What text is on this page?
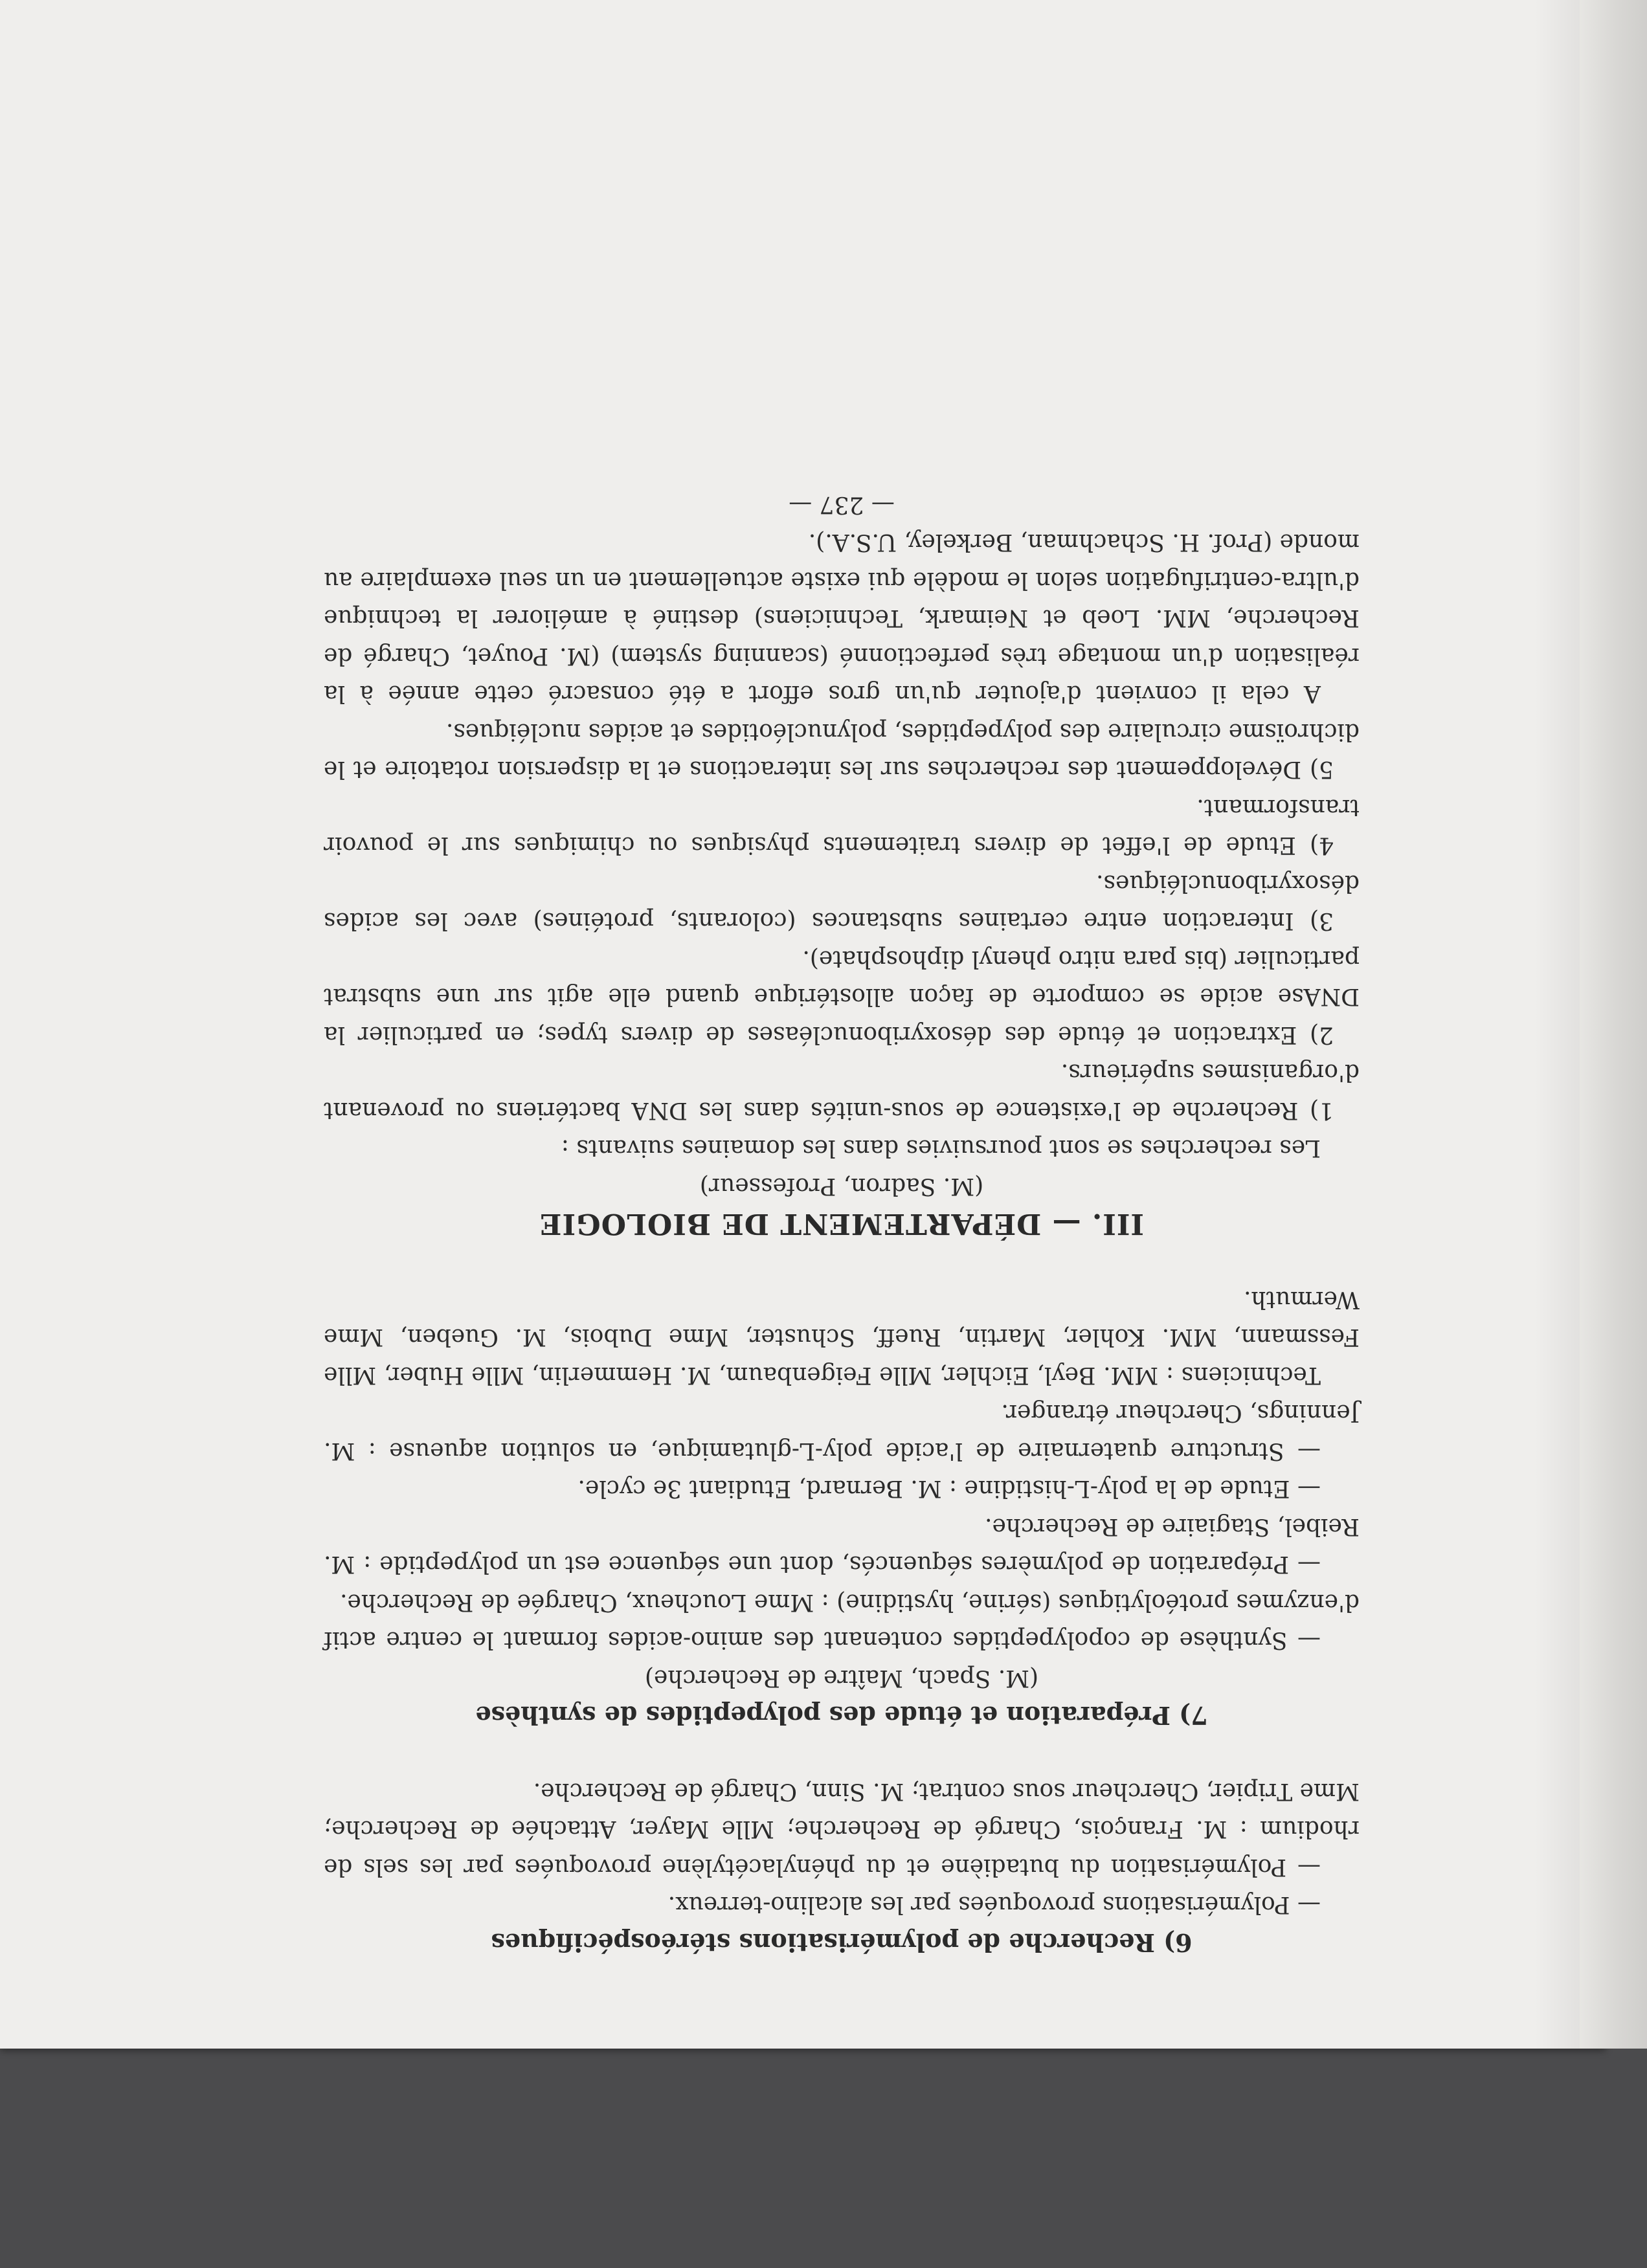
6) Recherche de polymérisations stéréospécifiques

— Polymérisations provoquées par les alcalino-terreux.

— Polymérisation du butadiène et du phénylacétylène provoquées par les sels de rhodium : M. François, Chargé de Recherche; Mlle Mayer, Attachée de Recherche; Mme Tripier, Chercheur sous contrat; M. Sinn, Chargé de Recherche.

7) Préparation et étude des polypeptides de synthèse

(M. Spach, Maître de Recherche)

— Synthèse de copolypeptides contenant des amino-acides formant le centre actif d'enzymes protéolytiques (sérine, hystidine) : Mme Loucheux, Chargée de Recherche.

— Préparation de polymères séquencés, dont une séquence est un polypeptide : M. Reibel, Stagiaire de Recherche.

— Etude de la poly-L-histidine : M. Bernard, Etudiant 3e cycle.

— Structure quaternaire de l'acide poly-L-glutamique, en solution aqueuse : M. Jennings, Chercheur étranger.

Techniciens : MM. Beyl, Eichler, Mlle Feigenbaum, M. Hemmerlin, Mlle Huber, Mlle Fessmann, MM. Kohler, Martin, Rueff, Schuster, Mme Dubois, M. Gueben, Mme Wermuth.

III. — DÉPARTEMENT DE BIOLOGIE

(M. Sadron, Professeur)

Les recherches se sont poursuivies dans les domaines suivants :

1) Recherche de l'existence de sous-unités dans les DNA bactériens ou provenant d'organismes supérieurs.

2) Extraction et étude des désoxyribonucléases de divers types; en particulier la DNAse acide se comporte de façon allostérique quand elle agit sur une substrat particulier (bis para nitro phenyl diphosphate).

3) Interaction entre certaines substances (colorants, protéines) avec les acides désoxyribonucléiques.

4) Etude de l'effet de divers traitements physiques ou chimiques sur le pouvoir transformant.

5) Développement des recherches sur les interactions et la dispersion rotatoire et le dichroïsme circulaire des polypeptides, polynucléotides et acides nucléiques.

A cela il convient d'ajouter qu'un gros effort a été consacré cette année à la réalisation d'un montage très perfectionné (scanning system) (M. Pouyet, Chargé de Recherche, MM. Loeb et Neimark, Techniciens) destiné à améliorer la technique d'ultra-centrifugation selon le modèle qui existe actuellement en un seul exemplaire au monde (Prof. H. Schachman, Berkeley, U.S.A.).

— 237 —
